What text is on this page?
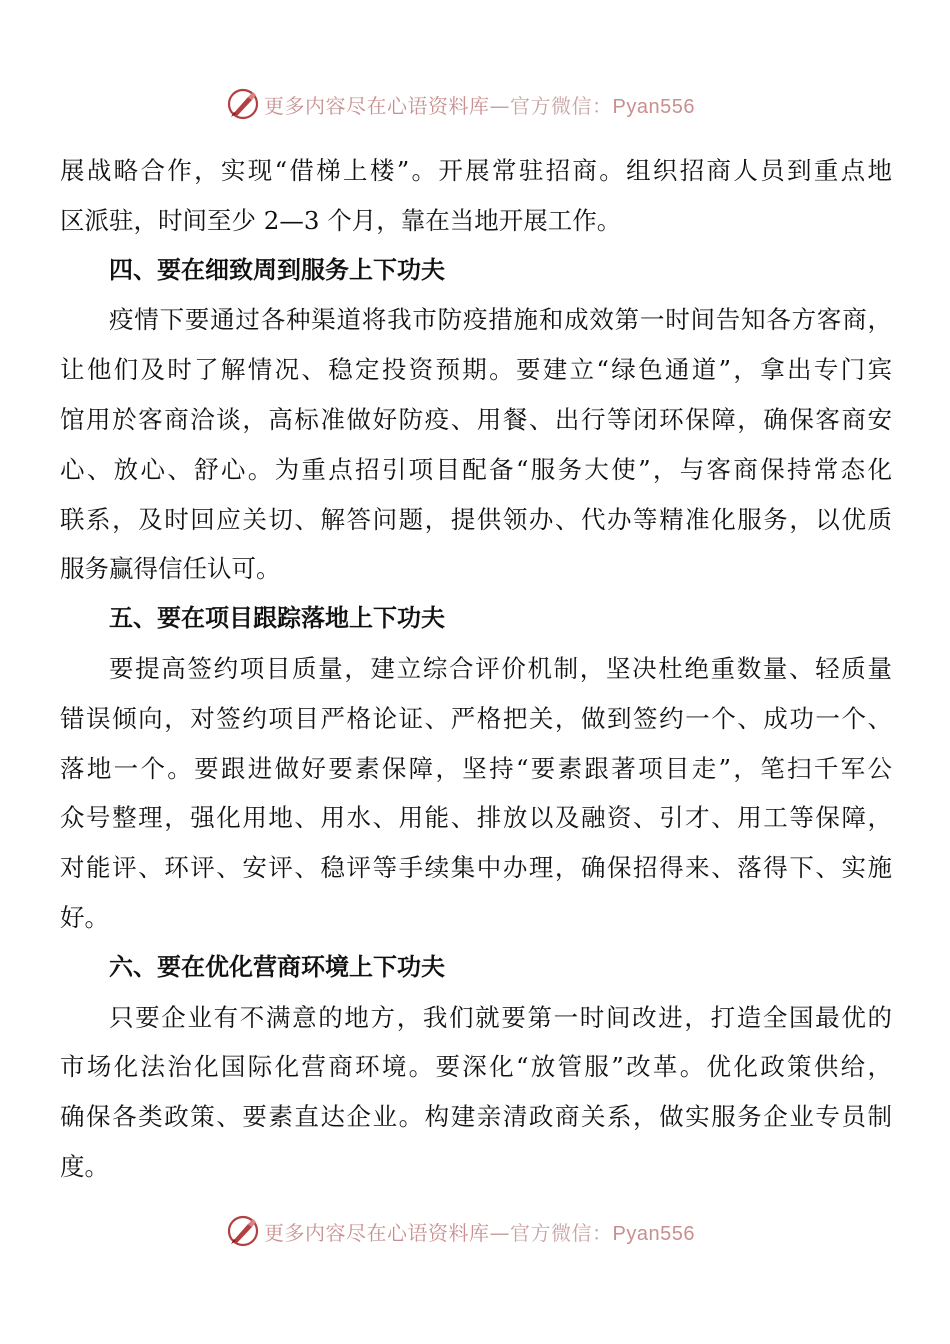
更多内容尽在心语资料库—官方微信：Pyan556
展战略合作，实现“借梯上楼”。开展常驻招商。组织招商人员到重点地
区派驻，时间至少 2—3 个月，靠在当地开展工作。
四、要在细致周到服务上下功夫
疫情下要通过各种渠道将我市防疫措施和成效第一时间告知各方客商，
让他们及时了解情况、稳定投资预期。要建立“绿色通道”，拿出专门宾
馆用於客商洽谈，高标准做好防疫、用餐、出行等闭环保障，确保客商安
心、放心、舒心。为重点招引项目配备“服务大使”，与客商保持常态化
联系，及时回应关切、解答问题，提供领办、代办等精准化服务，以优质
服务赢得信任认可。
五、要在项目跟踪落地上下功夫
要提高签约项目质量，建立综合评价机制，坚决杜绝重数量、轻质量
错误倾向，对签约项目严格论证、严格把关，做到签约一个、成功一个、
落地一个。要跟进做好要素保障，坚持“要素跟著项目走”，笔扫千军公
众号整理，强化用地、用水、用能、排放以及融资、引才、用工等保障，
对能评、环评、安评、稳评等手续集中办理，确保招得来、落得下、实施
好。
六、要在优化营商环境上下功夫
只要企业有不满意的地方，我们就要第一时间改进，打造全国最优的
市场化法治化国际化营商环境。要深化“放管服”改革。优化政策供给，
确保各类政策、要素直达企业。构建亲清政商关系，做实服务企业专员制
度。
更多内容尽在心语资料库—官方微信：Pyan556
